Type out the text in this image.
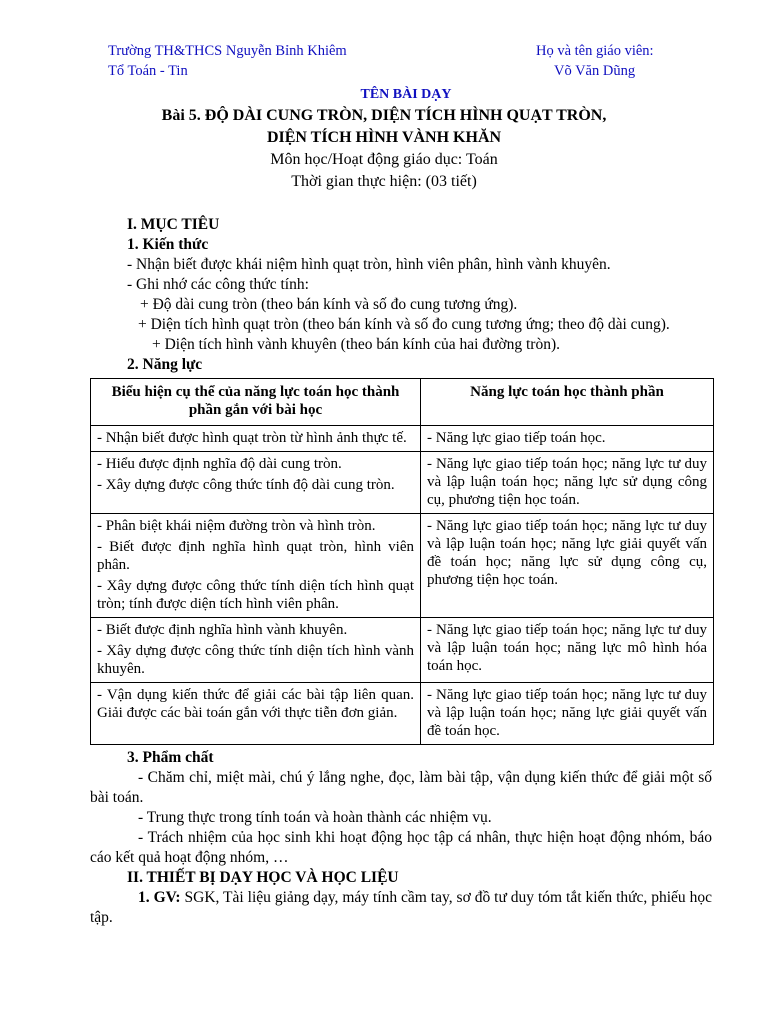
Trường TH&THCS Nguyễn Bỉnh Khiêm
Tổ Toán - Tin
Họ và tên giáo viên:
Võ Văn Dũng
TÊN BÀI DẠY
Bài 5. ĐỘ DÀI CUNG TRÒN, DIỆN TÍCH HÌNH QUẠT TRÒN,
DIỆN TÍCH HÌNH VÀNH KHĂN
Môn học/Hoạt động giáo dục: Toán
Thời gian thực hiện: (03 tiết)
I. MỤC TIÊU
1. Kiến thức
- Nhận biết được khái niệm hình quạt tròn, hình viên phân, hình vành khuyên.
- Ghi nhớ các công thức tính:
+ Độ dài cung tròn (theo bán kính và số đo cung tương ứng).
+ Diện tích hình quạt tròn (theo bán kính và số đo cung tương ứng; theo độ dài cung).
+ Diện tích hình vành khuyên (theo bán kính của hai đường tròn).
2. Năng lực
Biểu hiện cụ thể của năng lực toán học thành phần gắn với bài học	Năng lực toán học thành phần

- Nhận biết được hình quạt tròn từ hình ảnh thực tế.	- Năng lực giao tiếp toán học.

- Hiểu được định nghĩa độ dài cung tròn.

- Xây dựng được công thức tính độ dài cung tròn.	- Năng lực giao tiếp toán học; năng lực tư duy và lập luận toán học; năng lực sử dụng công cụ, phương tiện học toán.

- Phân biệt khái niệm đường tròn và hình tròn.

- Biết được định nghĩa hình quạt tròn, hình viên phân.

- Xây dựng được công thức tính diện tích hình quạt tròn; tính được diện tích hình viên phân.	- Năng lực giao tiếp toán học; năng lực tư duy và lập luận toán học; năng lực giải quyết vấn đề toán học; năng lực sử dụng công cụ, phương tiện học toán.

- Biết được định nghĩa hình vành khuyên.

- Xây dựng được công thức tính diện tích hình vành khuyên.	- Năng lực giao tiếp toán học; năng lực tư duy và lập luận toán học; năng lực mô hình hóa toán học.

- Vận dụng kiến thức để giải các bài tập liên quan. Giải được các bài toán gắn với thực tiễn đơn giản.	- Năng lực giao tiếp toán học; năng lực tư duy và lập luận toán học; năng lực giải quyết vấn đề toán học.
3. Phẩm chất
- Chăm chỉ, miệt mài, chú ý lắng nghe, đọc, làm bài tập, vận dụng kiến thức để giải một số bài toán.
- Trung thực trong tính toán và hoàn thành các nhiệm vụ.
- Trách nhiệm của học sinh khi hoạt động học tập cá nhân, thực hiện hoạt động nhóm, báo cáo kết quả hoạt động nhóm, …
II. THIẾT BỊ DẠY HỌC VÀ HỌC LIỆU
1. GV: SGK, Tài liệu giảng dạy, máy tính cầm tay, sơ đồ tư duy tóm tắt kiến thức, phiếu học tập.
